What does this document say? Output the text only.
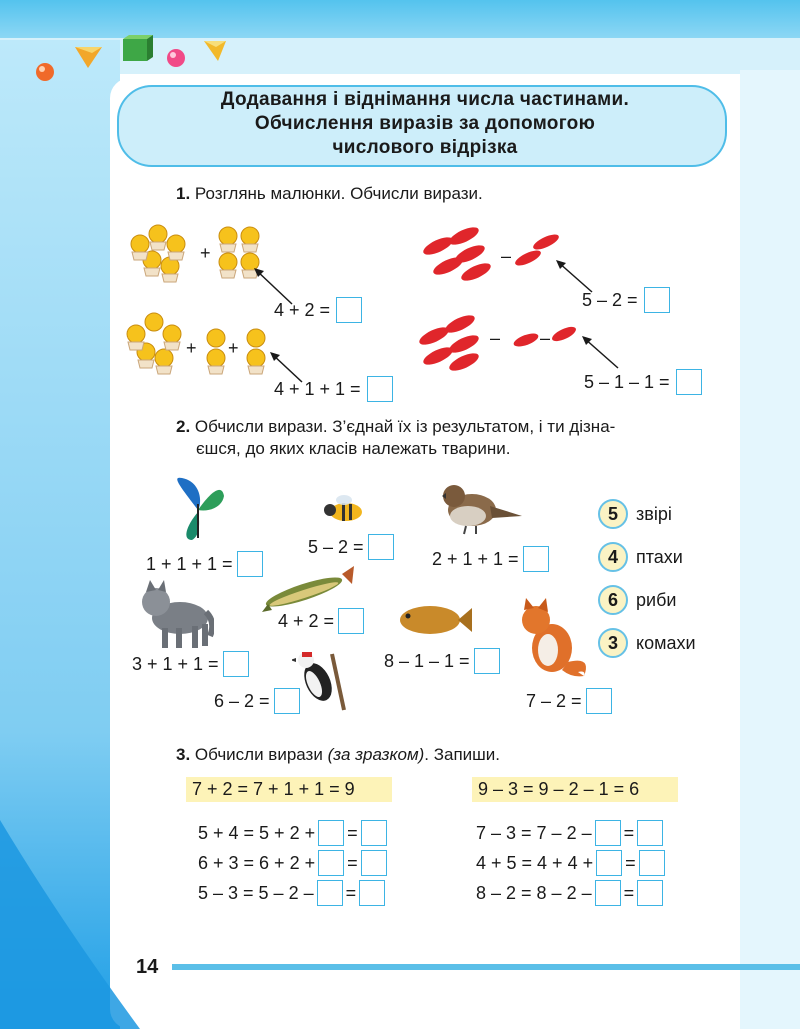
Додавання і віднімання числа частинами.
Обчислення виразів за допомогою
числового відрізка
1. Розглянь малюнки. Обчисли вирази.
+
4 + 2 =
+ +
4 + 1 + 1 =
–
5 – 2 =
– –
5 – 1 – 1 =
2. Обчисли вирази. З’єднай їх із результатом, і ти дізна-
єшся, до яких класів належать тварини.
1 + 1 + 1 =
5 – 2 =
2 + 1 + 1 =
4 + 2 =
3 + 1 + 1 =	8 – 1 – 1 =
6 – 2 =	7 – 2 =
5	звірі
4	птахи
6	риби
3	комахи
3. Обчисли вирази (за зразком). Запиши.
7 + 2 = 7 + 1 + 1 = 9	9 – 3 = 9 – 2 – 1 = 6
5 + 4 = 5 + 2 + =
6 + 3 = 6 + 2 + =
5 – 3 = 5 – 2 – =
7 – 3 = 7 – 2 – =
4 + 5 = 4 + 4 + =
8 – 2 = 8 – 2 – =
14
